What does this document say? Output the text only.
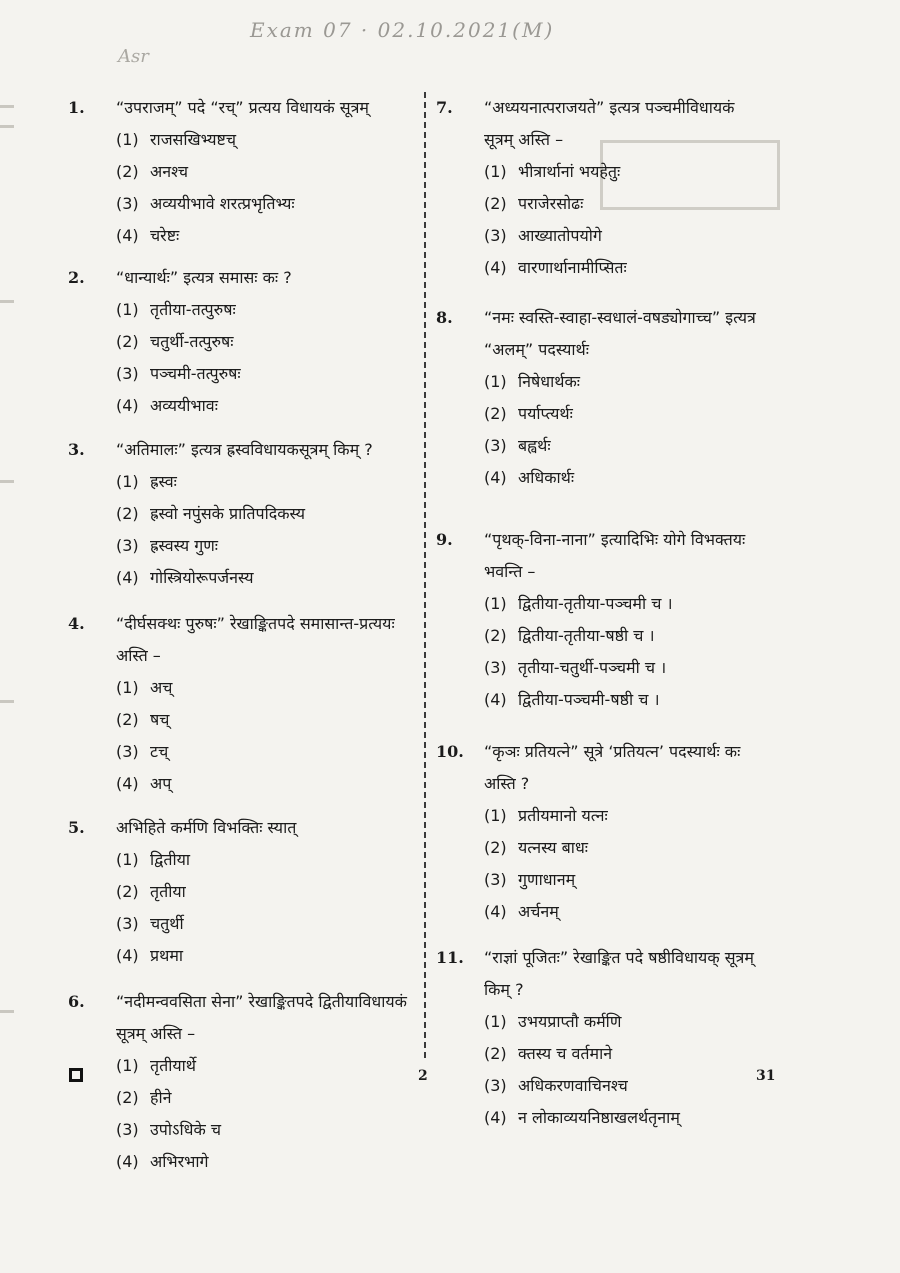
Exam 07 · 02.10.2021(M)
Asr
1. “उपराजम्” पदे “रच्” प्रत्यय विधायकं सूत्रम्
(1) राजसखिभ्यष्टच्
(2) अनश्च
(3) अव्ययीभावे शरत्प्रभृतिभ्यः
(4) चरेष्टः
2. “धान्यार्थः” इत्यत्र समासः कः ?
(1) तृतीया-तत्पुरुषः
(2) चतुर्थी-तत्पुरुषः
(3) पञ्चमी-तत्पुरुषः
(4) अव्ययीभावः
3. “अतिमालः” इत्यत्र ह्रस्वविधायकसूत्रम् किम् ?
(1) ह्रस्वः
(2) ह्रस्वो नपुंसके प्रातिपदिकस्य
(3) ह्रस्वस्य गुणः
(4) गोस्त्रियोरूपर्जनस्य
4. “दीर्घसक्थः पुरुषः” रेखाङ्कितपदे समासान्त-प्रत्ययः अस्ति –
(1) अच्
(2) षच्
(3) टच्
(4) अप्
5. अभिहिते कर्मणि विभक्तिः स्यात्
(1) द्वितीया
(2) तृतीया
(3) चतुर्थी
(4) प्रथमा
6. “नदीमन्ववसिता सेना” रेखाङ्कितपदे द्वितीयाविधायकं सूत्रम् अस्ति –
(1) तृतीयार्थे
(2) हीने
(3) उपोऽधिके च
(4) अभिरभागे
7. “अध्ययनात्पराजयते” इत्यत्र पञ्चमीविधायकं सूत्रम् अस्ति –
(1) भीत्रार्थानां भयहेतुः
(2) पराजेरसोढः
(3) आख्यातोपयोगे
(4) वारणार्थानामीप्सितः
8. “नमः स्वस्ति-स्वाहा-स्वधालं-वषड्योगाच्च” इत्यत्र “अलम्” पदस्यार्थः
(1) निषेधार्थकः
(2) पर्याप्त्यर्थः
(3) बह्वर्थः
(4) अधिकार्थः
9. “पृथक्-विना-नाना” इत्यादिभिः योगे विभक्तयः भवन्ति –
(1) द्वितीया-तृतीया-पञ्चमी च ।
(2) द्वितीया-तृतीया-षष्ठी च ।
(3) तृतीया-चतुर्थी-पञ्चमी च ।
(4) द्वितीया-पञ्चमी-षष्ठी च ।
10. “कृञः प्रतियत्ने” सूत्रे ‘प्रतियत्न’ पदस्यार्थः कः अस्ति ?
(1) प्रतीयमानो यत्नः
(2) यत्नस्य बाधः
(3) गुणाधानम्
(4) अर्चनम्
11. “राज्ञां पूजितः” रेखाङ्कित पदे षष्ठीविधायक् सूत्रम् किम् ?
(1) उभयप्राप्तौ कर्मणि
(2) क्तस्य च वर्तमाने
(3) अधिकरणवाचिनश्च
(4) न लोकाव्ययनिष्ठाखलर्थतृनाम्
2	31
